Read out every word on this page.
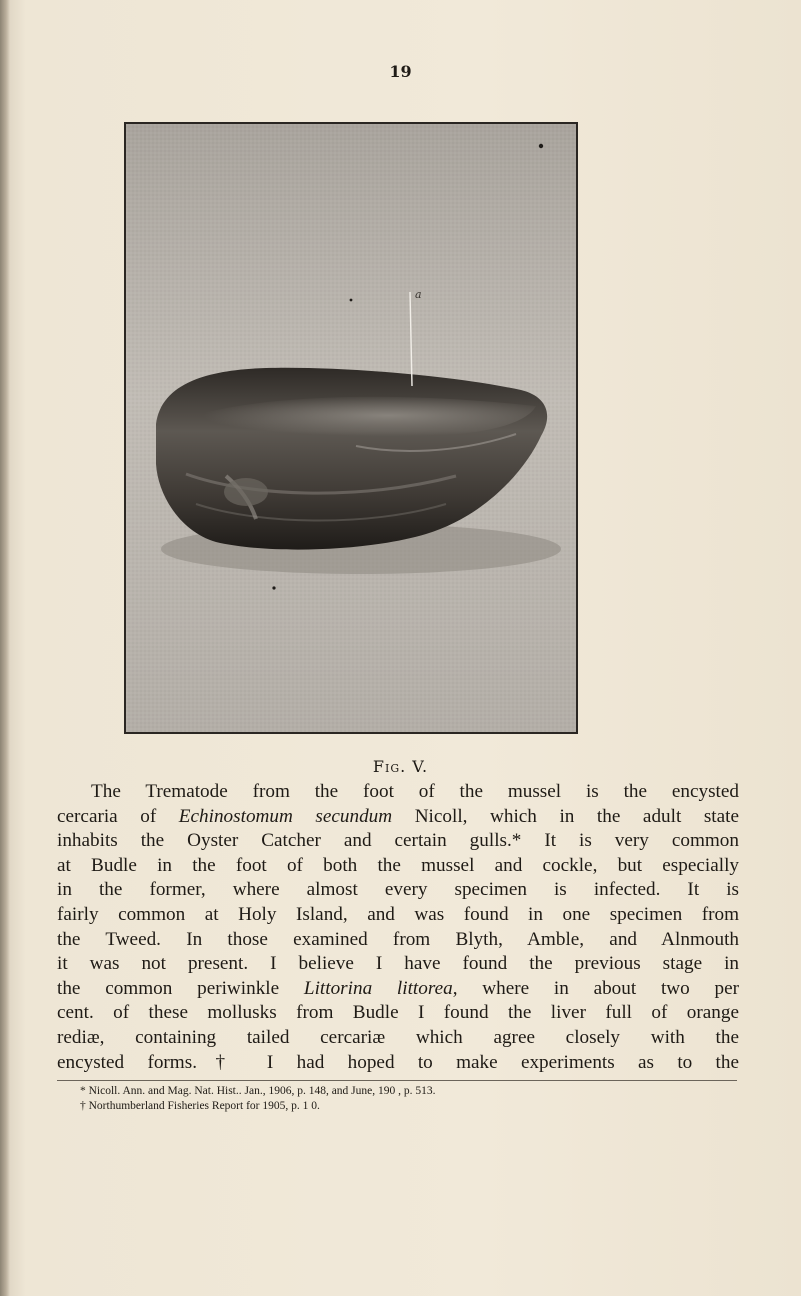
19
a
Fig. V.
The Trematode from the foot of the mussel is the encysted
cercaria of Echinostomum secundum Nicoll, which in the adult state
inhabits the Oyster Catcher and certain gulls.* It is very common
at Budle in the foot of both the mussel and cockle, but especially
in the former, where almost every specimen is infected. It is
fairly common at Holy Island, and was found in one specimen from
the Tweed. In those examined from Blyth, Amble, and Alnmouth
it was not present. I believe I have found the previous stage in
the common periwinkle Littorina littorea, where in about two per
cent. of these mollusks from Budle I found the liver full of orange
rediæ, containing tailed cercariæ which agree closely with the
encysted forms.† I had hoped to make experiments as to the
* Nicoll. Ann. and Mag. Nat. Hist.. Jan., 1906, p. 148, and June, 190 , p. 513.
† Northumberland Fisheries Report for 1905, p. 1 0.
